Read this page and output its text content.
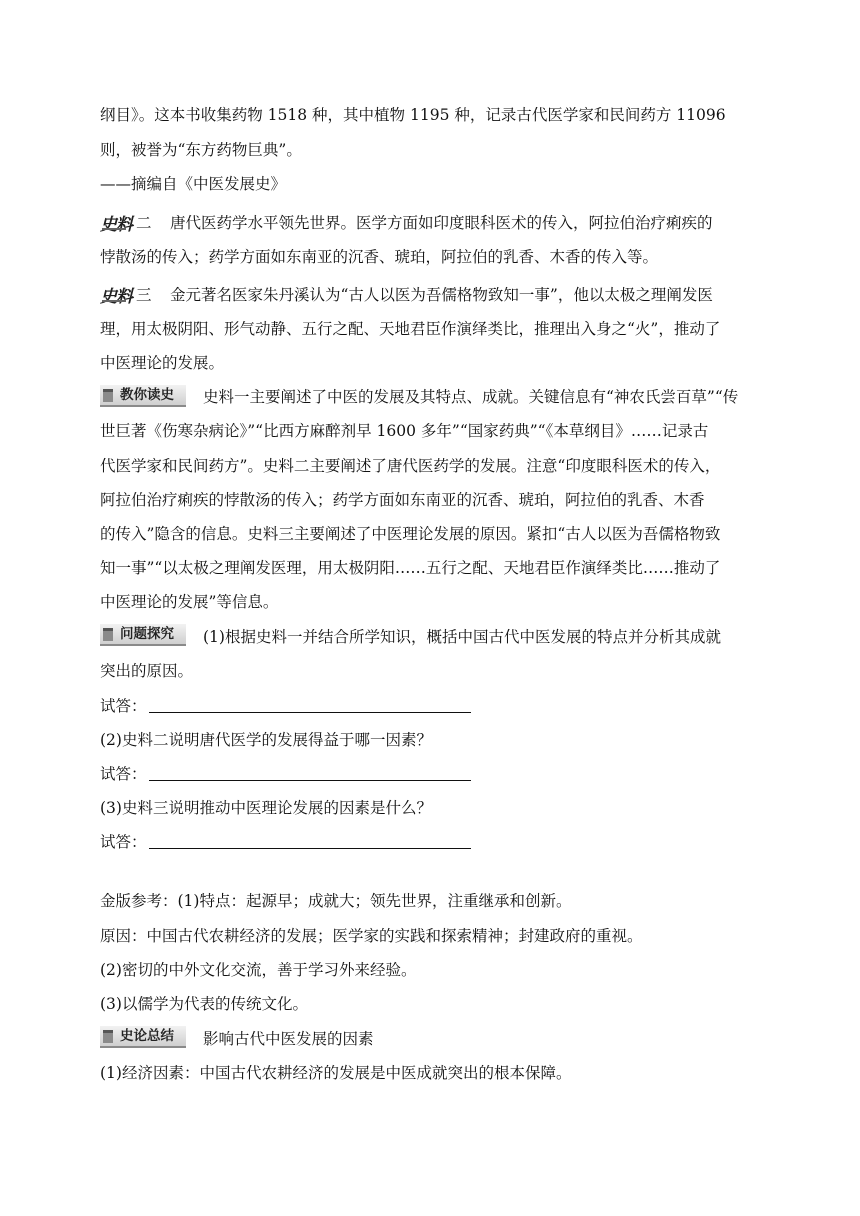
纲目》。这本书收集药物 1518 种，其中植物 1195 种，记录古代医学家和民间药方 11096
则，被誉为“东方药物巨典”。
——摘编自《中医发展史》
史料 二 唐代医药学水平领先世界。医学方面如印度眼科医术的传入，阿拉伯治疗痢疾的
悖散汤的传入；药学方面如东南亚的沉香、琥珀，阿拉伯的乳香、木香的传入等。
史料 三 金元著名医家朱丹溪认为“古人以医为吾儒格物致知一事”，他以太极之理阐发医
理，用太极阴阳、形气动静、五行之配、天地君臣作演绎类比，推理出入身之“火”，推动了
中医理论的发展。
教你读史 史料一主要阐述了中医的发展及其特点、成就。关键信息有“神农氏尝百草”“传
世巨著《伤寒杂病论》”“比西方麻醉剂早 1600 多年”“国家药典”“《本草纲目》……记录古
代医学家和民间药方”。史料二主要阐述了唐代医药学的发展。注意“印度眼科医术的传入，
阿拉伯治疗痢疾的悖散汤的传入；药学方面如东南亚的沉香、琥珀，阿拉伯的乳香、木香
的传入”隐含的信息。史料三主要阐述了中医理论发展的原因。紧扣“古人以医为吾儒格物致
知一事”“以太极之理阐发医理，用太极阴阳……五行之配、天地君臣作演绎类比……推动了
中医理论的发展”等信息。
问题探究 (1)根据史料一并结合所学知识，概括中国古代中医发展的特点并分析其成就
突出的原因。
试答：
(2)史料二说明唐代医学的发展得益于哪一因素？
试答：
(3)史料三说明推动中医理论发展的因素是什么？
试答：
金版参考：(1)特点：起源早；成就大；领先世界，注重继承和创新。
原因：中国古代农耕经济的发展；医学家的实践和探索精神；封建政府的重视。
(2)密切的中外文化交流，善于学习外来经验。
(3)以儒学为代表的传统文化。
史论总结 影响古代中医发展的因素
(1)经济因素：中国古代农耕经济的发展是中医成就突出的根本保障。
